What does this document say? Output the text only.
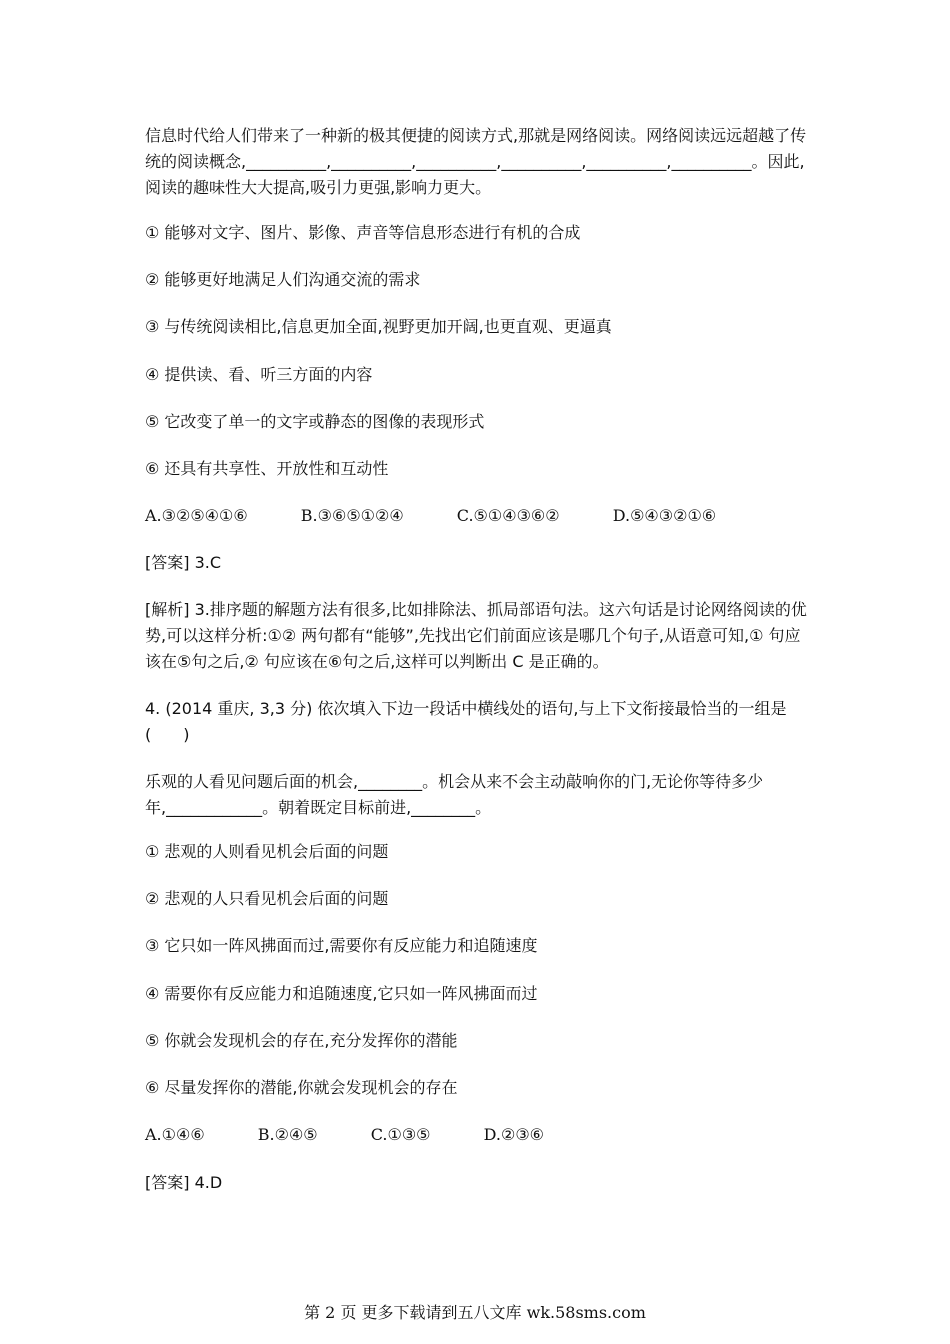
信息时代给人们带来了一种新的极其便捷的阅读方式,那就是网络阅读。网络阅读远远超越了传统的阅读概念,__________,__________,__________,__________,__________,__________。因此,阅读的趣味性大大提高,吸引力更强,影响力更大。

① 能够对文字、图片、影像、声音等信息形态进行有机的合成

② 能够更好地满足人们沟通交流的需求

③ 与传统阅读相比,信息更加全面,视野更加开阔,也更直观、更逼真

④ 提供读、看、听三方面的内容

⑤ 它改变了单一的文字或静态的图像的表现形式

⑥ 还具有共享性、开放性和互动性

A.③②⑤④①⑥	B.③⑥⑤①②④	C.⑤①④③⑥②	D.⑤④③②①⑥

[答案] 3.C

[解析] 3.排序题的解题方法有很多,比如排除法、抓局部语句法。这六句话是讨论网络阅读的优势,可以这样分析:①② 两句都有“能够”,先找出它们前面应该是哪几个句子,从语意可知,① 句应该在⑤句之后,② 句应该在⑥句之后,这样可以判断出 C 是正确的。

4. (2014 重庆, 3,3 分) 依次填入下边一段话中横线处的语句,与上下文衔接最恰当的一组是(　　)

乐观的人看见问题后面的机会,________。机会从来不会主动敲响你的门,无论你等待多少年,____________。朝着既定目标前进,________。

① 悲观的人则看见机会后面的问题

② 悲观的人只看见机会后面的问题

③ 它只如一阵风拂面而过,需要你有反应能力和追随速度

④ 需要你有反应能力和追随速度,它只如一阵风拂面而过

⑤ 你就会发现机会的存在,充分发挥你的潜能

⑥ 尽量发挥你的潜能,你就会发现机会的存在

A.①④⑥	B.②④⑤	C.①③⑤	D.②③⑥

[答案] 4.D

第 2 页 更多下载请到五八文库 wk.58sms.com
